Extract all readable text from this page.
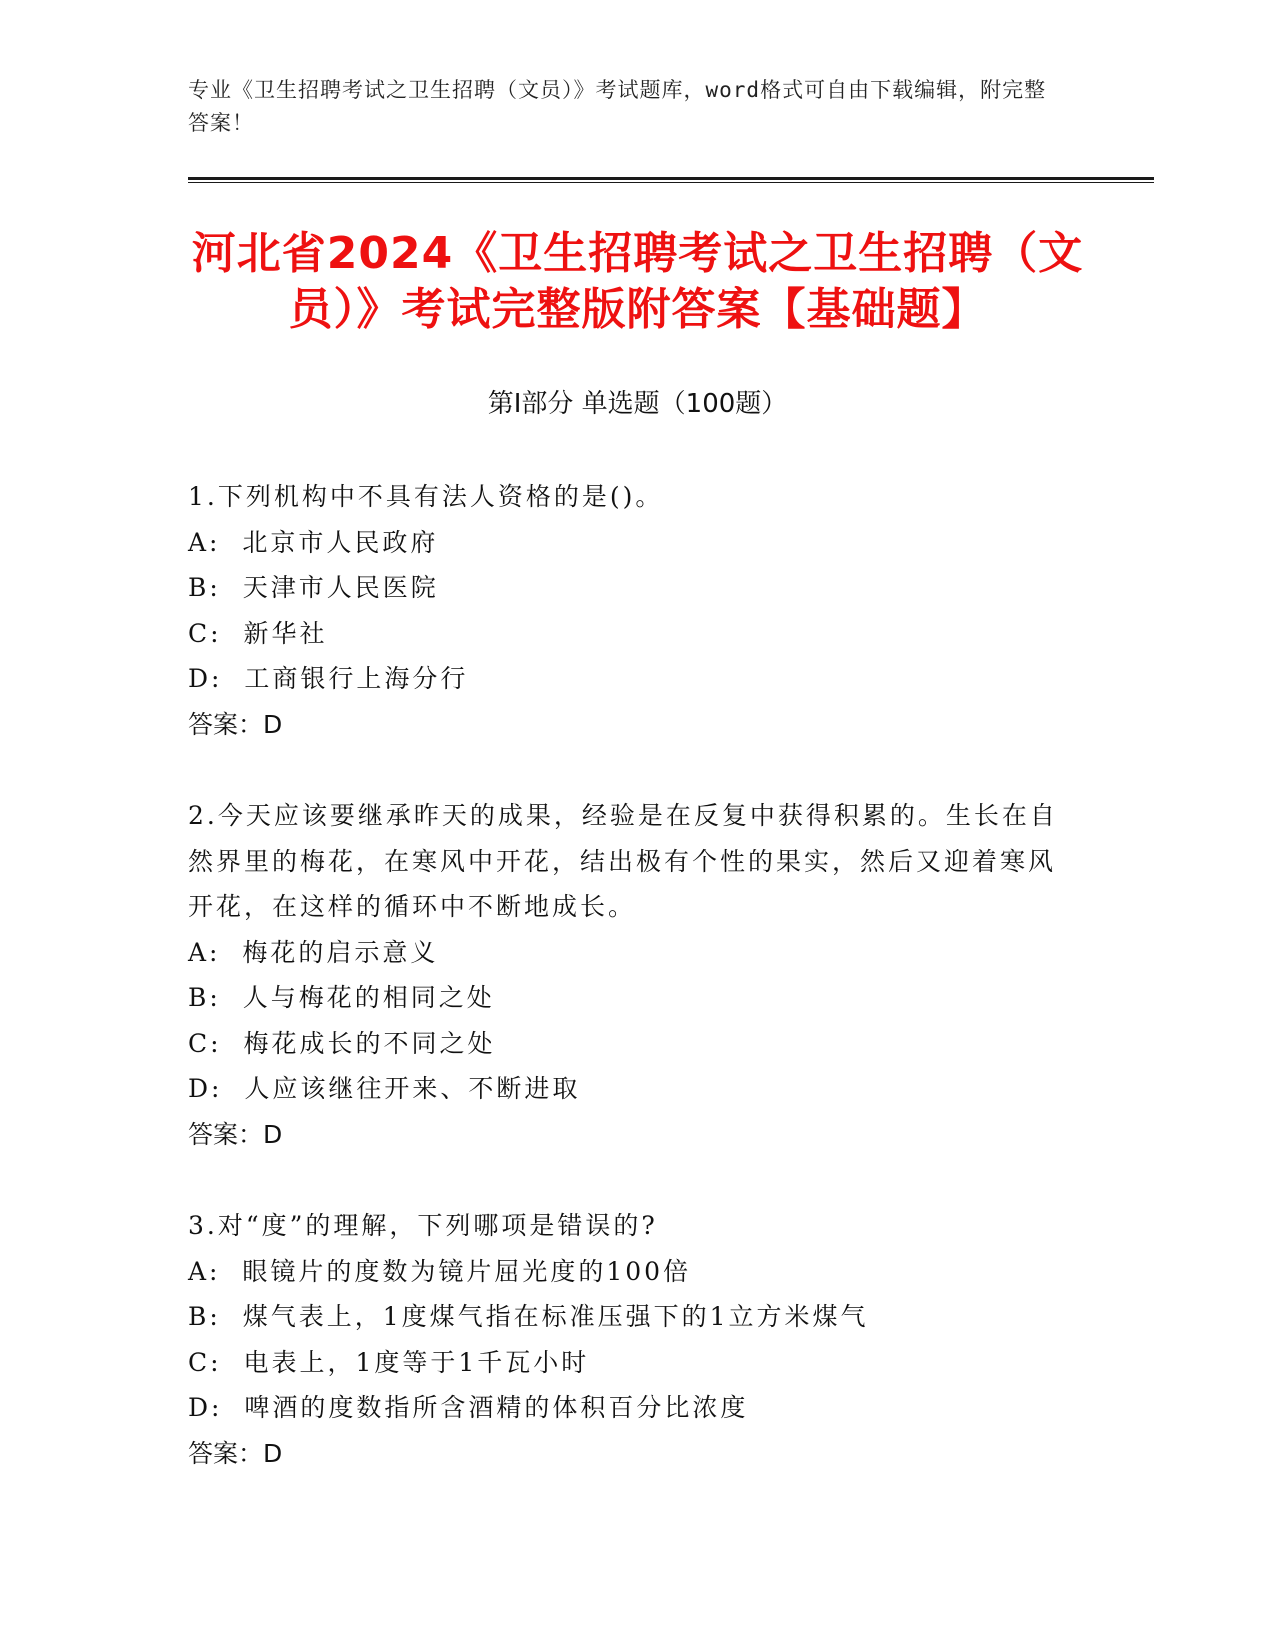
专业《卫生招聘考试之卫生招聘（文员）》考试题库，word格式可自由下载编辑，附完整答案！
河北省2024《卫生招聘考试之卫生招聘（文员）》考试完整版附答案【基础题】
第Ⅰ部分 单选题（100题）
1.下列机构中不具有法人资格的是()。
A:  北京市人民政府
B:  天津市人民医院
C:  新华社
D:  工商银行上海分行
答案：D
2.今天应该要继承昨天的成果，经验是在反复中获得积累的。生长在自然界里的梅花，在寒风中开花，结出极有个性的果实，然后又迎着寒风开花，在这样的循环中不断地成长。
A:  梅花的启示意义
B:  人与梅花的相同之处
C:  梅花成长的不同之处
D:  人应该继往开来、不断进取
答案：D
3.对“度”的理解，下列哪项是错误的?
A:  眼镜片的度数为镜片屈光度的100倍
B:  煤气表上，1度煤气指在标准压强下的1立方米煤气
C:  电表上，1度等于1千瓦小时
D:  啤酒的度数指所含酒精的体积百分比浓度
答案：D
